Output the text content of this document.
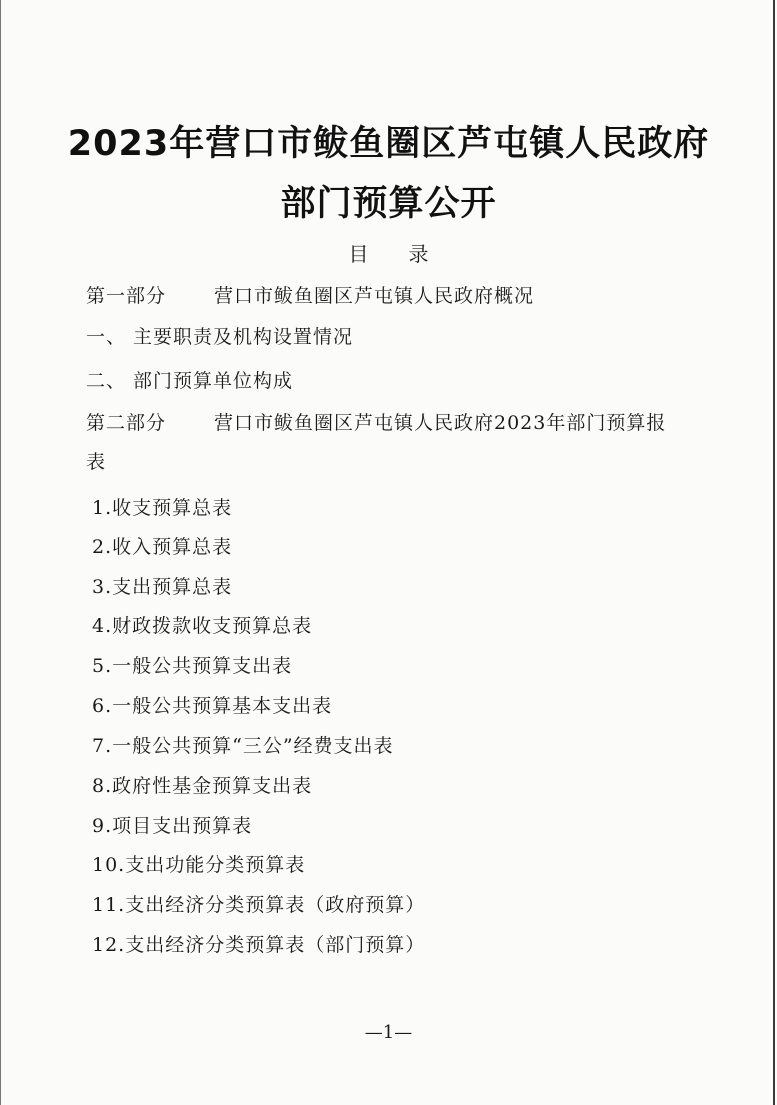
2023年营口市鲅鱼圈区芦屯镇人民政府
部门预算公开
目 录
第一部分	营口市鲅鱼圈区芦屯镇人民政府概况
一、 主要职责及机构设置情况
二、 部门预算单位构成
第二部分	营口市鲅鱼圈区芦屯镇人民政府2023年部门预算报
表
1.收支预算总表
2.收入预算总表
3.支出预算总表
4.财政拨款收支预算总表
5.一般公共预算支出表
6.一般公共预算基本支出表
7.一般公共预算“三公”经费支出表
8.政府性基金预算支出表
9.项目支出预算表
10.支出功能分类预算表
11.支出经济分类预算表（政府预算）
12.支出经济分类预算表（部门预算）
—1—
